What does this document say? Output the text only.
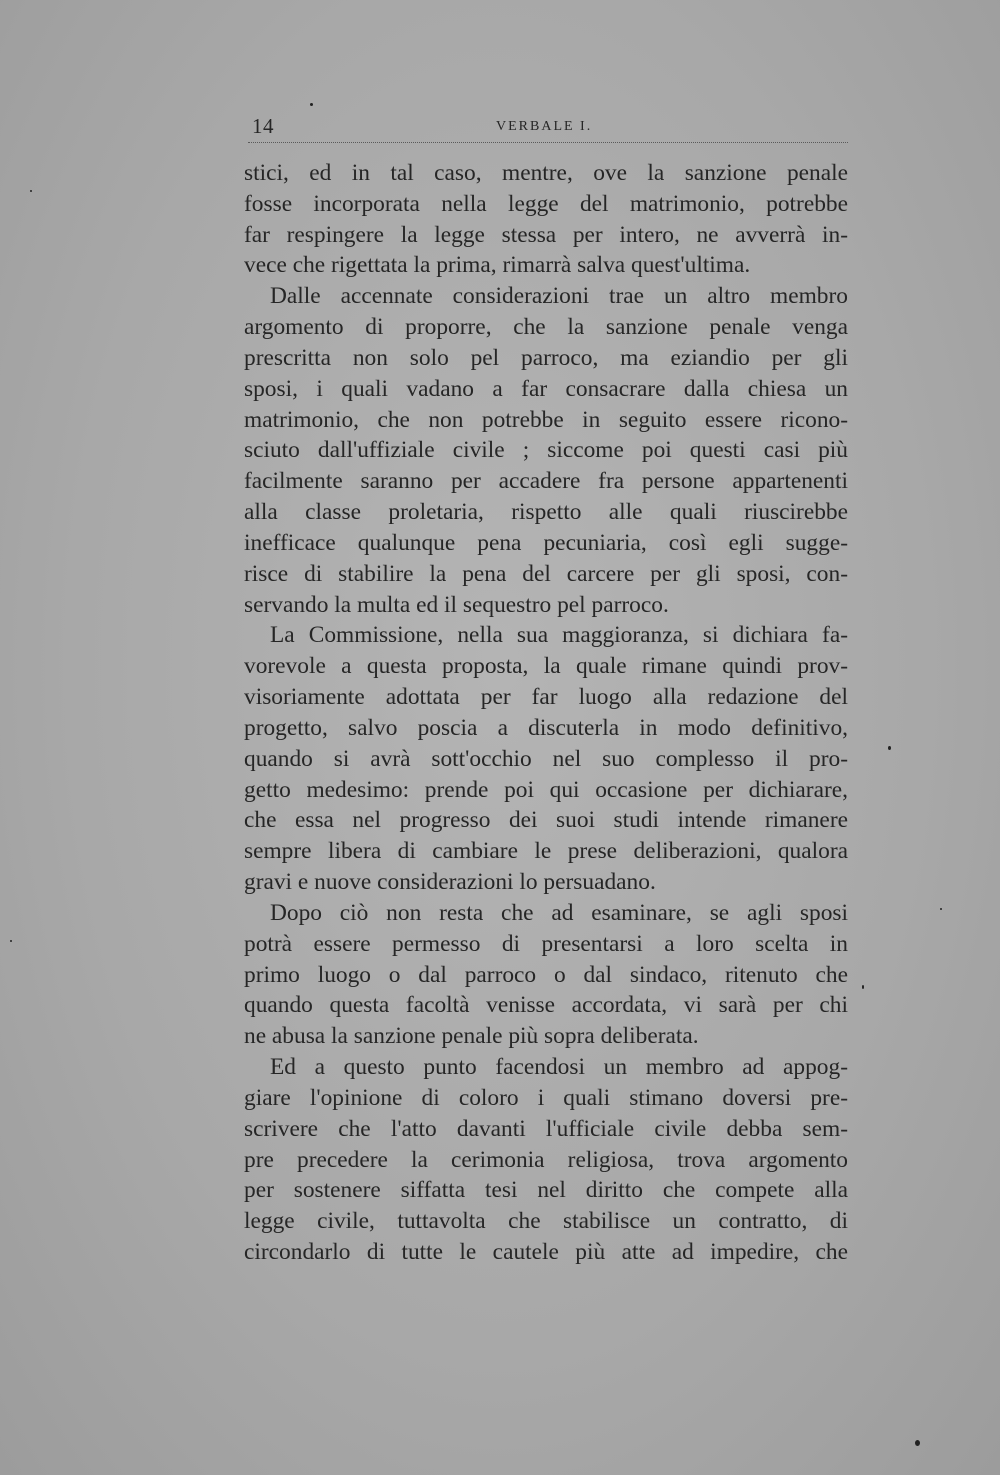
14	VERBALE I.
stici, ed in tal caso, mentre, ove la sanzione penale
fosse incorporata nella legge del matrimonio, potrebbe
far respingere la legge stessa per intero, ne avverrà in-
vece che rigettata la prima, rimarrà salva quest'ultima.
Dalle accennate considerazioni trae un altro membro
argomento di proporre, che la sanzione penale venga
prescritta non solo pel parroco, ma eziandio per gli
sposi, i quali vadano a far consacrare dalla chiesa un
matrimonio, che non potrebbe in seguito essere ricono-
sciuto dall'uffiziale civile ; siccome poi questi casi più
facilmente saranno per accadere fra persone appartenenti
alla classe proletaria, rispetto alle quali riuscirebbe
inefficace qualunque pena pecuniaria, così egli sugge-
risce di stabilire la pena del carcere per gli sposi, con-
servando la multa ed il sequestro pel parroco.
La Commissione, nella sua maggioranza, si dichiara fa-
vorevole a questa proposta, la quale rimane quindi prov-
visoriamente adottata per far luogo alla redazione del
progetto, salvo poscia a discuterla in modo definitivo,
quando si avrà sott'occhio nel suo complesso il pro-
getto medesimo: prende poi qui occasione per dichiarare,
che essa nel progresso dei suoi studi intende rimanere
sempre libera di cambiare le prese deliberazioni, qualora
gravi e nuove considerazioni lo persuadano.
Dopo ciò non resta che ad esaminare, se agli sposi
potrà essere permesso di presentarsi a loro scelta in
primo luogo o dal parroco o dal sindaco, ritenuto che
quando questa facoltà venisse accordata, vi sarà per chi
ne abusa la sanzione penale più sopra deliberata.
Ed a questo punto facendosi un membro ad appog-
giare l'opinione di coloro i quali stimano doversi pre-
scrivere che l'atto davanti l'ufficiale civile debba sem-
pre precedere la cerimonia religiosa, trova argomento
per sostenere siffatta tesi nel diritto che compete alla
legge civile, tuttavolta che stabilisce un contratto, di
circondarlo di tutte le cautele più atte ad impedire, che
